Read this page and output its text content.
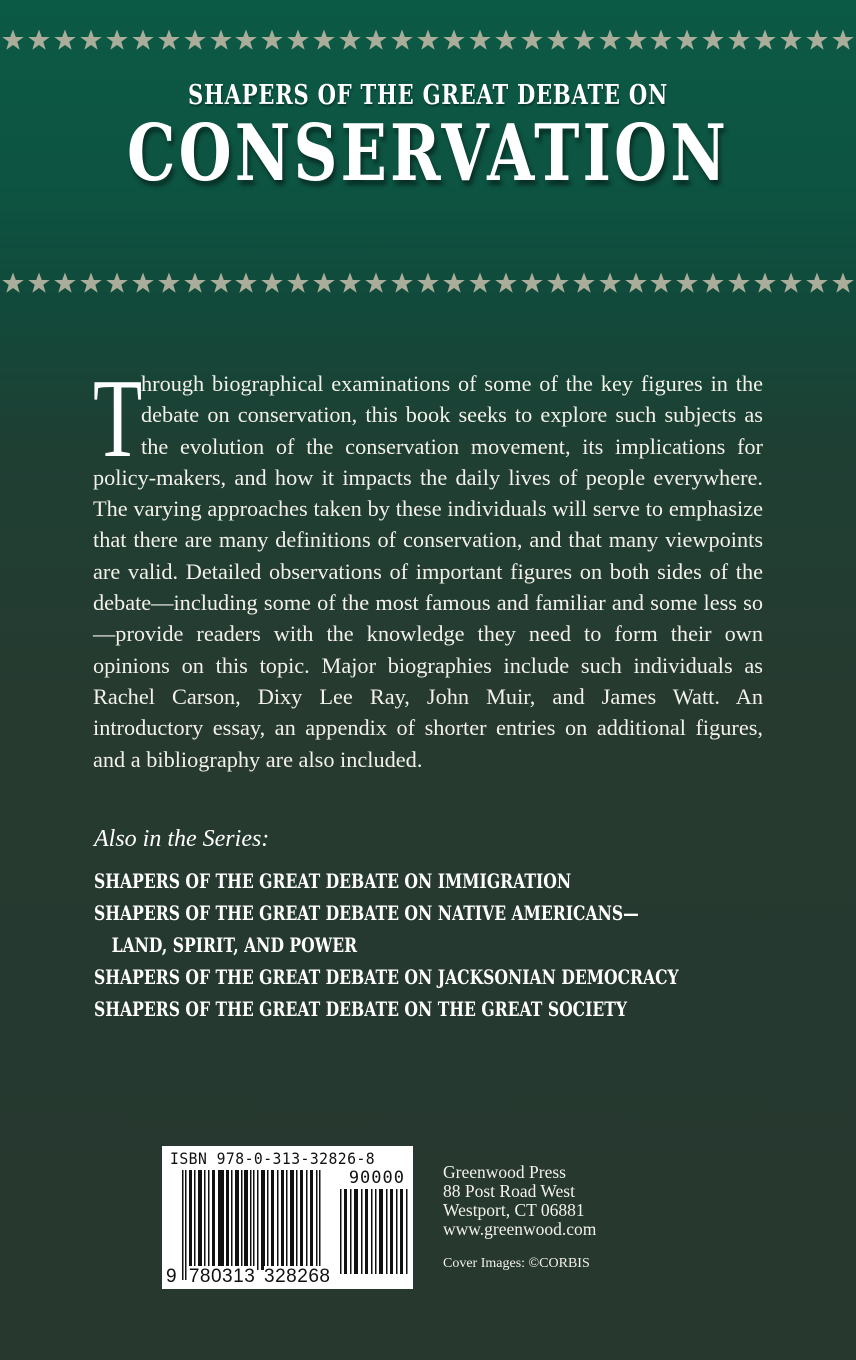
SHAPERS OF THE GREAT DEBATE ON
CONSERVATION
T
hrough biographical examinations of some of the key figures in the debate on conservation, this book seeks to explore such subjects as the evolution of the conservation movement, its implications for policy-makers, and how it impacts the daily lives of people everywhere. The varying approaches taken by these individuals will serve to emphasize that there are many definitions of conservation, and that many viewpoints are valid. Detailed observations of important figures on both sides of the debate—including some of the most famous and familiar and some less so—provide readers with the knowledge they need to form their own opinions on this topic. Major biographies include such individuals as Rachel Carson, Dixy Lee Ray, John Muir, and James Watt. An introductory essay, an appendix of shorter entries on additional figures, and a bibliography are also included.
Also in the Series:
SHAPERS OF THE GREAT DEBATE ON IMMIGRATION
SHAPERS OF THE GREAT DEBATE ON NATIVE AMERICANS—
LAND, SPIRIT, AND POWER
SHAPERS OF THE GREAT DEBATE ON JACKSONIAN DEMOCRACY
SHAPERS OF THE GREAT DEBATE ON THE GREAT SOCIETY
ISBN 978-0-313-32826-8
90000
9 780313 328268
Greenwood Press
88 Post Road West
Westport, CT 06881
www.greenwood.com
Cover Images: ©CORBIS
